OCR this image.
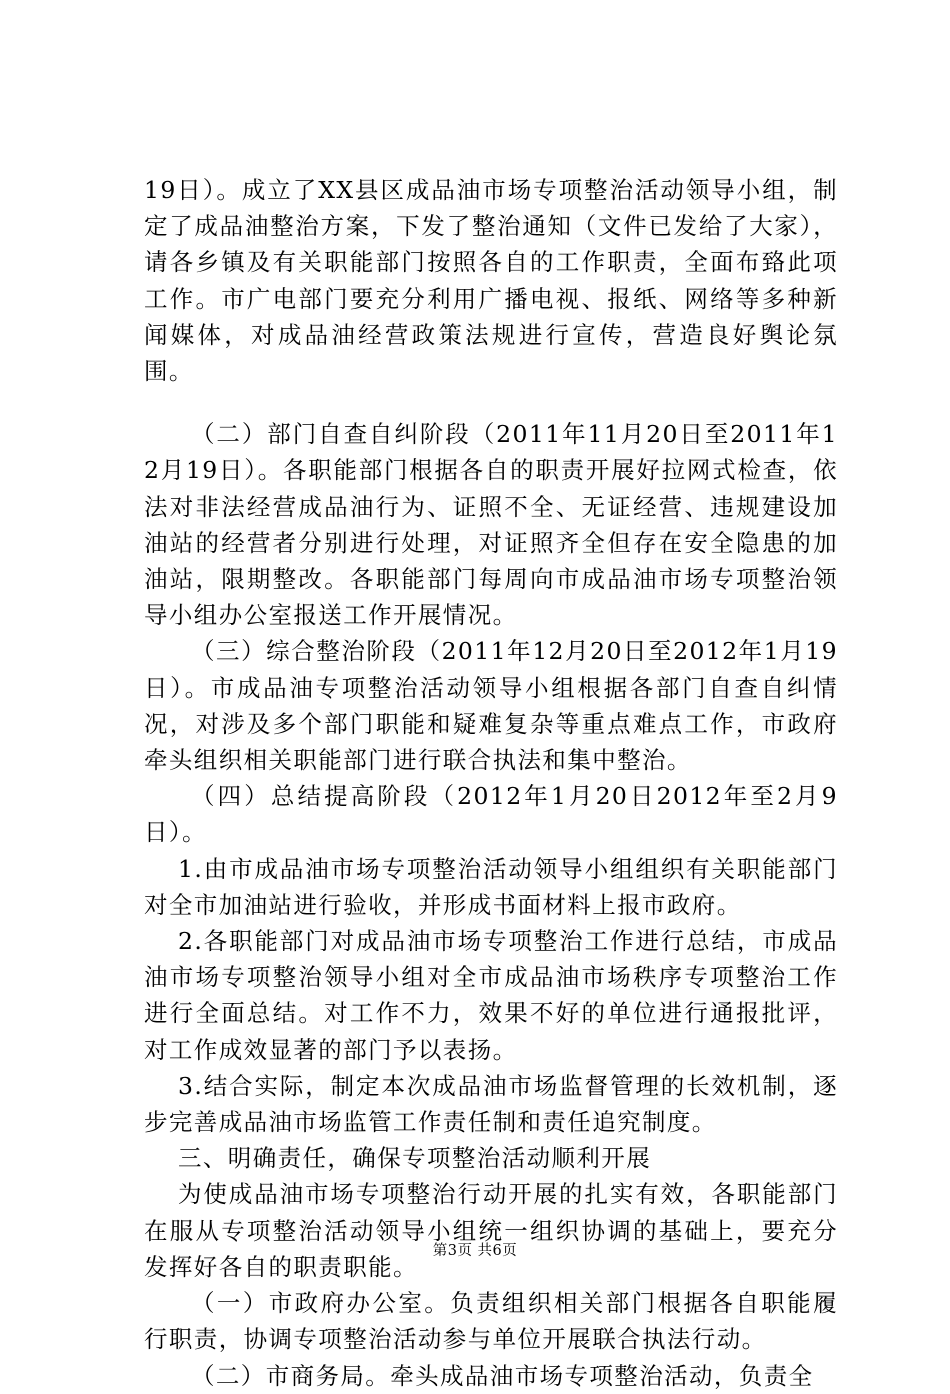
19日）。成立了XX县区成品油市场专项整治活动领导小组，制定了成品油整治方案，下发了整治通知（文件已发给了大家），请各乡镇及有关职能部门按照各自的工作职责，全面布臵此项工作。市广电部门要充分利用广播电视、报纸、网络等多种新闻媒体，对成品油经营政策法规进行宣传，营造良好舆论氛围。

（二）部门自查自纠阶段（2011年11月20日至2011年12月19日）。各职能部门根据各自的职责开展好拉网式检查，依法对非法经营成品油行为、证照不全、无证经营、违规建设加油站的经营者分别进行处理，对证照齐全但存在安全隐患的加油站，限期整改。各职能部门每周向市成品油市场专项整治领导小组办公室报送工作开展情况。

（三）综合整治阶段（2011年12月20日至2012年1月19日）。市成品油专项整治活动领导小组根据各部门自查自纠情况，对涉及多个部门职能和疑难复杂等重点难点工作，市政府牵头组织相关职能部门进行联合执法和集中整治。

（四）总结提高阶段（2012年1月20日2012年至2月9日）。

1.由市成品油市场专项整治活动领导小组组织有关职能部门对全市加油站进行验收，并形成书面材料上报市政府。

2.各职能部门对成品油市场专项整治工作进行总结，市成品油市场专项整治领导小组对全市成品油市场秩序专项整治工作进行全面总结。对工作不力，效果不好的单位进行通报批评，对工作成效显著的部门予以表扬。

3.结合实际，制定本次成品油市场监督管理的长效机制，逐步完善成品油市场监管工作责任制和责任追究制度。

三、明确责任，确保专项整治活动顺利开展

为使成品油市场专项整治行动开展的扎实有效，各职能部门在服从专项整治活动领导小组统一组织协调的基础上，要充分发挥好各自的职责职能。

（一）市政府办公室。负责组织相关部门根据各自职能履行职责，协调专项整治活动参与单位开展联合执法行动。

（二）市商务局。牵头成品油市场专项整治活动，负责全

第3页 共6页
